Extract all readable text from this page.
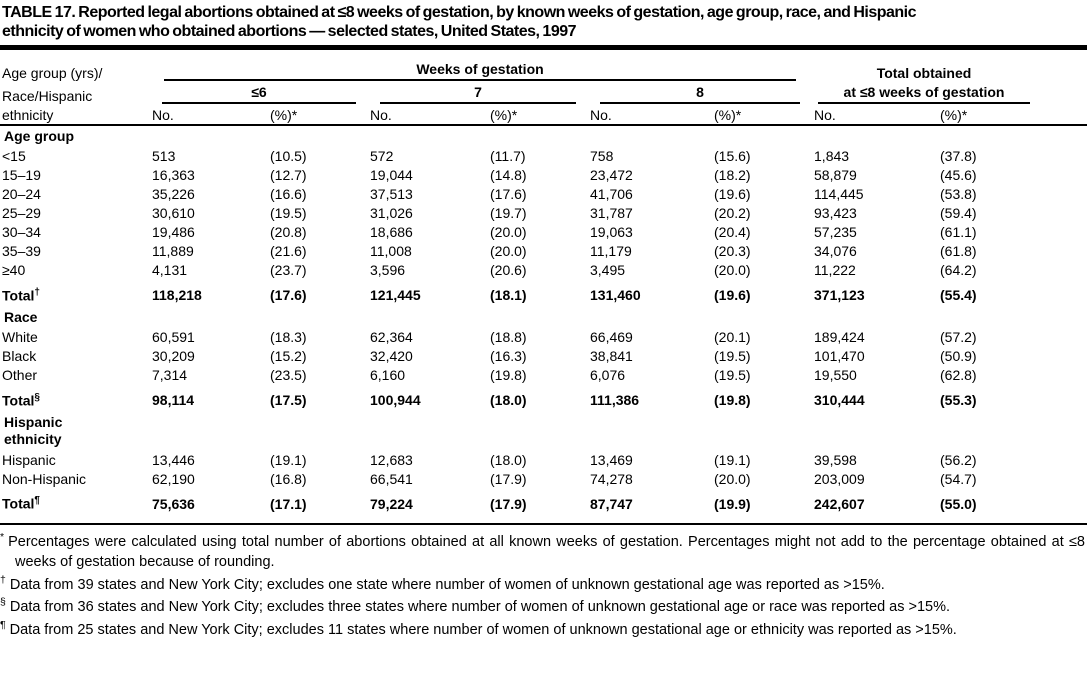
TABLE 17. Reported legal abortions obtained at ≤8 weeks of gestation, by known weeks of gestation, age group, race, and Hispanic
ethnicity of women who obtained abortions — selected states, United States, 1997
Age group (yrs)/	Weeks of gestation						Total obtained		

Race/Hispanic	≤6		7		8		at ≤8 weeks of gestation		

ethnicity	No.	(%)*	No.	(%)*	No.	(%)*	No.	(%)*	

Age group									

<15	513	(10.5)	572	(11.7)	758	(15.6)	1,843	(37.8)	
15–19	16,363	(12.7)	19,044	(14.8)	23,472	(18.2)	58,879	(45.6)	
20–24	35,226	(16.6)	37,513	(17.6)	41,706	(19.6)	114,445	(53.8)	
25–29	30,610	(19.5)	31,026	(19.7)	31,787	(20.2)	93,423	(59.4)	
30–34	19,486	(20.8)	18,686	(20.0)	19,063	(20.4)	57,235	(61.1)	
35–39	11,889	(21.6)	11,008	(20.0)	11,179	(20.3)	34,076	(61.8)	
≥40	4,131	(23.7)	3,596	(20.6)	3,495	(20.0)	11,222	(64.2)	
Total†	118,218	(17.6)	121,445	(18.1)	131,460	(19.6)	371,123	(55.4)	

Race									

White	60,591	(18.3)	62,364	(18.8)	66,469	(20.1)	189,424	(57.2)	
Black	30,209	(15.2)	32,420	(16.3)	38,841	(19.5)	101,470	(50.9)	
Other	7,314	(23.5)	6,160	(19.8)	6,076	(19.5)	19,550	(62.8)	
Total§	98,114	(17.5)	100,944	(18.0)	111,386	(19.8)	310,444	(55.3)	

Hispanic ethnicity									

Hispanic	13,446	(19.1)	12,683	(18.0)	13,469	(19.1)	39,598	(56.2)	
Non-Hispanic	62,190	(16.8)	66,541	(17.9)	74,278	(20.0)	203,009	(54.7)	
Total¶	75,636	(17.1)	79,224	(17.9)	87,747	(19.9)	242,607	(55.0)	

* Percentages were calculated using total number of abortions obtained at all known weeks of gestation. Percentages might not add to the percentage obtained at ≤8 weeks of gestation because of rounding.

† Data from 39 states and New York City; excludes one state where number of women of unknown gestational age was reported as >15%.

§ Data from 36 states and New York City; excludes three states where number of women of unknown gestational age or race was reported as >15%.

¶ Data from 25 states and New York City; excludes 11 states where number of women of unknown gestational age or ethnicity was reported as >15%.
